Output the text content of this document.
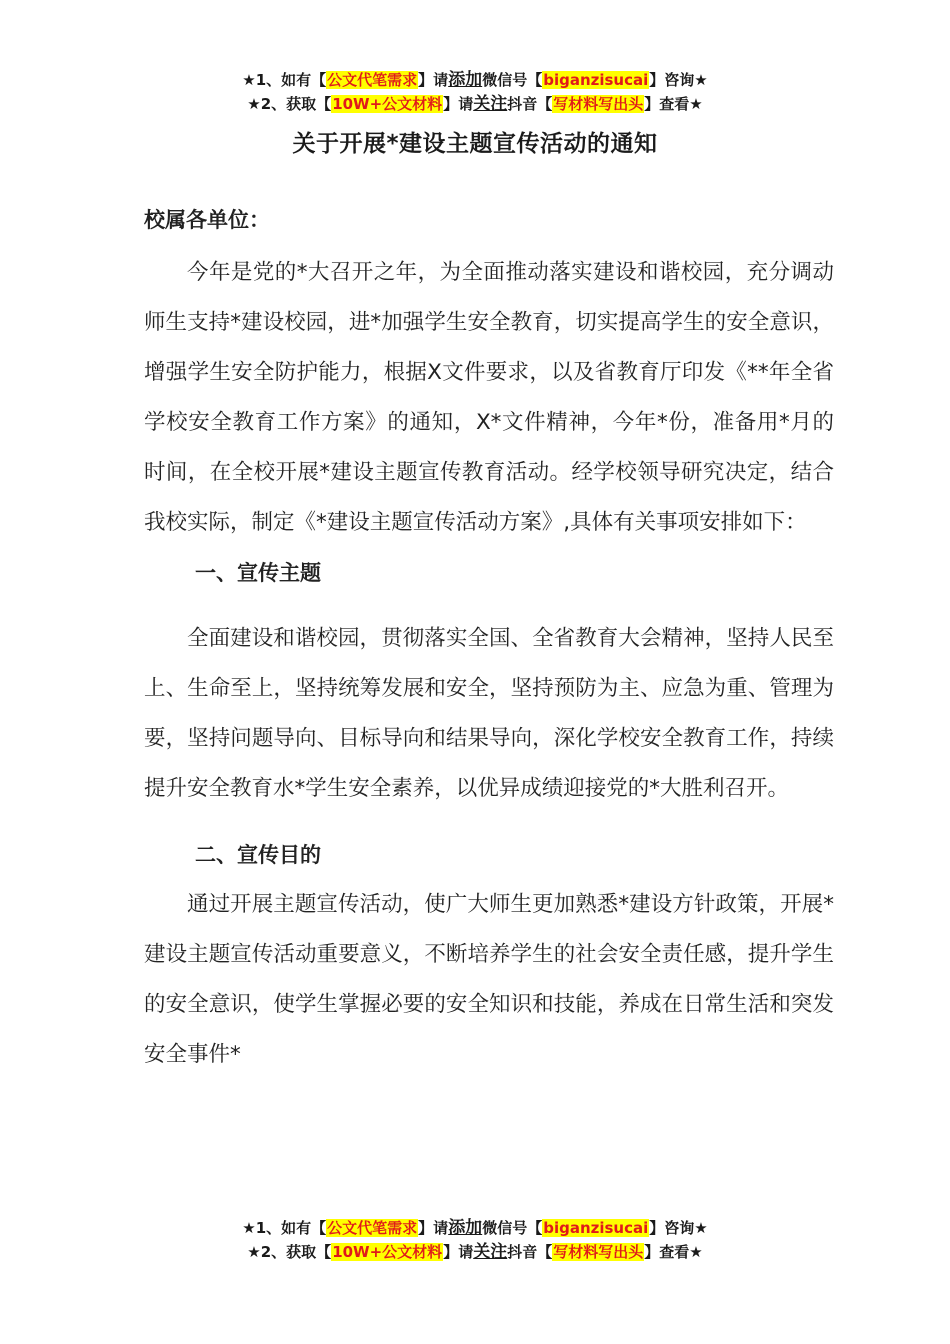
★1、如有【公文代笔需求】请添加微信号【biganzisucai】咨询★
★2、获取【10W+公文材料】请关注抖音【写材料写出头】查看★
关于开展*建设主题宣传活动的通知

校属各单位：

今年是党的*大召开之年，为全面推动落实建设和谐校园，充分调动师生支持*建设校园，进*加强学生安全教育，切实提高学生的安全意识，增强学生安全防护能力，根据X文件要求，以及省教育厅印发《**年全省学校安全教育工作方案》的通知，X*文件精神，今年*份，准备用*月的时间，在全校开展*建设主题宣传教育活动。经学校领导研究决定，结合我校实际，制定《*建设主题宣传活动方案》,具体有关事项安排如下：

一、宣传主题

全面建设和谐校园，贯彻落实全国、全省教育大会精神，坚持人民至上、生命至上，坚持统筹发展和安全，坚持预防为主、应急为重、管理为要，坚持问题导向、目标导向和结果导向，深化学校安全教育工作，持续提升安全教育水*学生安全素养，以优异成绩迎接党的*大胜利召开。

二、宣传目的

通过开展主题宣传活动，使广大师生更加熟悉*建设方针政策，开展*建设主题宣传活动重要意义，不断培养学生的社会安全责任感，提升学生的安全意识，使学生掌握必要的安全知识和技能，养成在日常生活和突发安全事件*

★1、如有【公文代笔需求】请添加微信号【biganzisucai】咨询★
★2、获取【10W+公文材料】请关注抖音【写材料写出头】查看★
